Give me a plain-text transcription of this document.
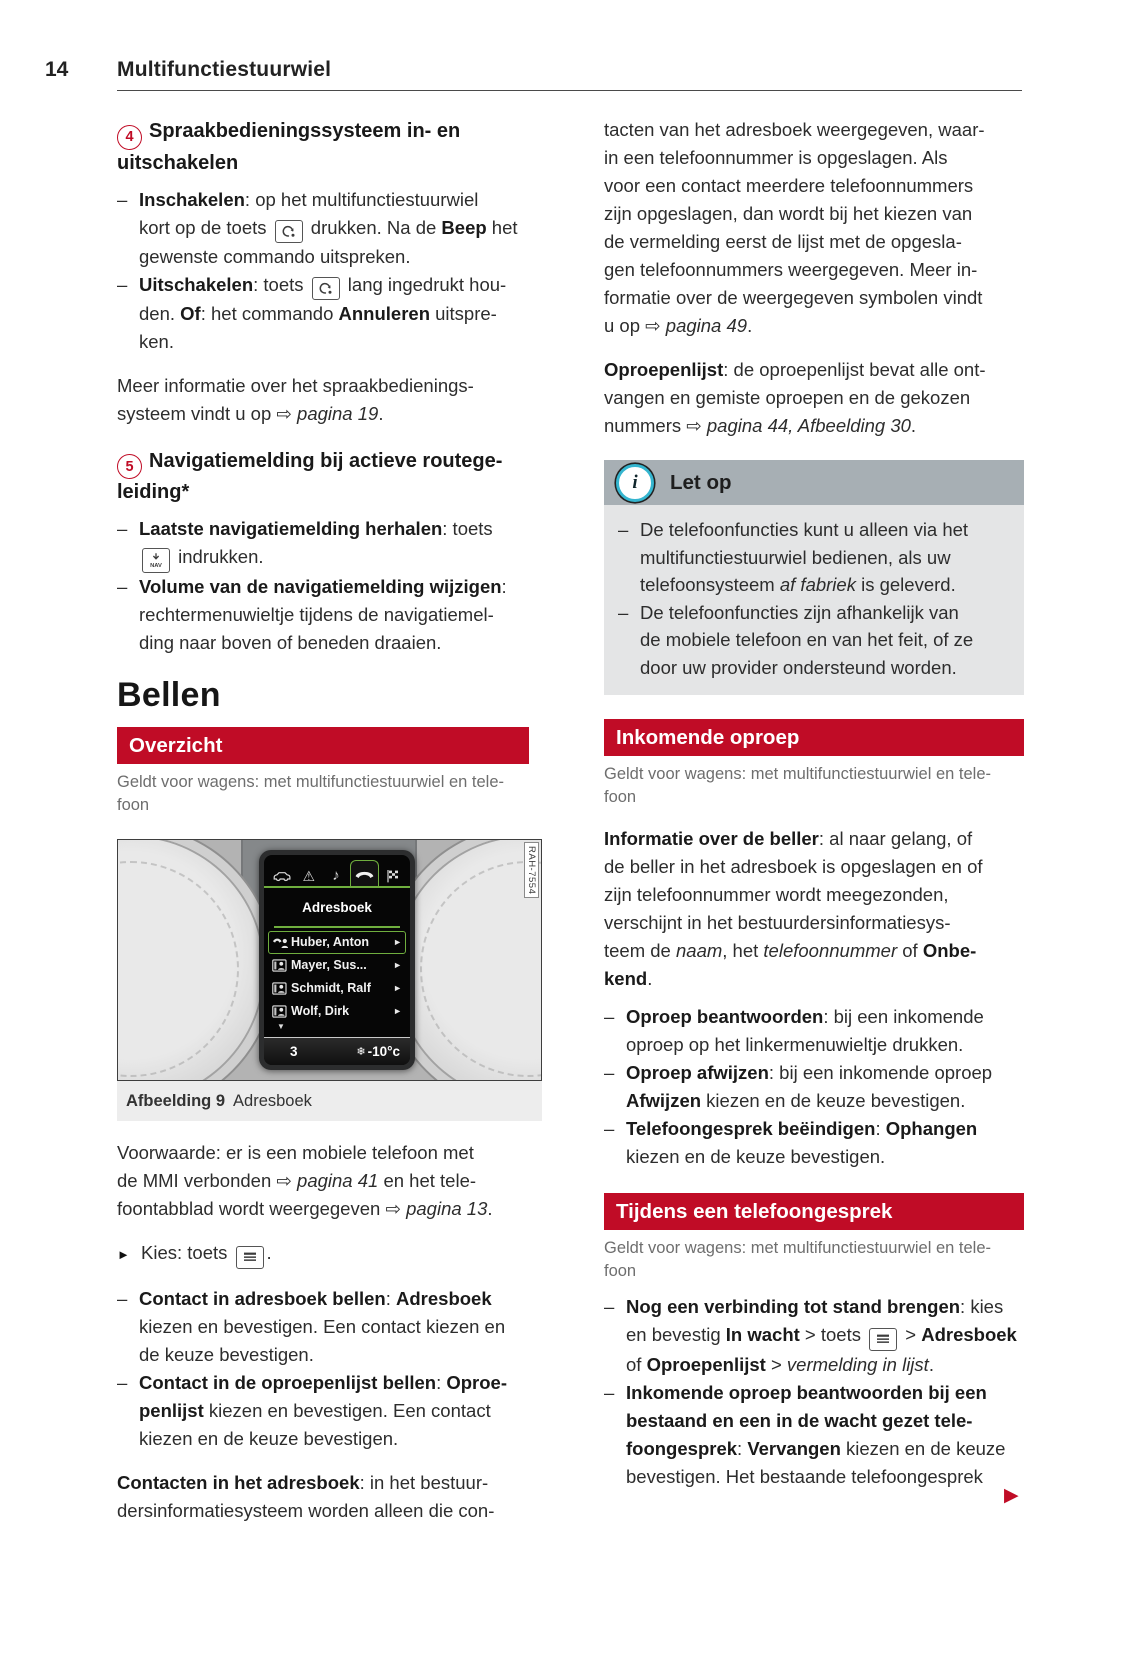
14 Multifunctiestuurwiel
4 Spraakbedieningssysteem in- en
uitschakelen
– Inschakelen: op het multifunctiestuurwiel
kort op de toets
drukken. Na de Beep het
gewenste commando uitspreken.
– Uitschakelen: toets
lang ingedrukt hou-
den. Of: het commando Annuleren uitspre-
ken.
Meer informatie over het spraakbedienings-
systeem vindt u op ⇨ pagina 19.
5 Navigatiemelding bij actieve routege-
leiding*
– Laatste navigatiemelding herhalen: toets

NAV indrukken.
– Volume van de navigatiemelding wijzigen:
rechtermenuwieltje tijdens de navigatiemel-
ding naar boven of beneden draaien.
Bellen
Overzicht
Geldt voor wagens: met multifunctiestuurwiel en tele-
foon
⚠ ♪
Adresboek
Huber, Anton	►
Mayer, Sus...	►
Schmidt, Ralf	►
Wolf, Dirk	►
▼
3	❄ -10°c
RAH-7554
Afbeelding 9 Adresboek
Voorwaarde: er is een mobiele telefoon met
de MMI verbonden ⇨ pagina 41 en het tele-
foontabblad wordt weergegeven ⇨ pagina 13.
► Kies: toets
.
– Contact in adresboek bellen: Adresboek
kiezen en bevestigen. Een contact kiezen en
de keuze bevestigen.
– Contact in de oproepenlijst bellen: Oproe-
penlijst kiezen en bevestigen. Een contact
kiezen en de keuze bevestigen.
Contacten in het adresboek: in het bestuur-
dersinformatiesysteem worden alleen die con-
tacten van het adresboek weergegeven, waar-
in een telefoonnummer is opgeslagen. Als
voor een contact meerdere telefoonnummers
zijn opgeslagen, dan wordt bij het kiezen van
de vermelding eerst de lijst met de opgesla-
gen telefoonnummers weergegeven. Meer in-
formatie over de weergegeven symbolen vindt
u op ⇨ pagina 49.
Oproepenlijst: de oproepenlijst bevat alle ont-
vangen en gemiste oproepen en de gekozen
nummers ⇨ pagina 44, Afbeelding 30.
i	Let op
– De telefoonfuncties kunt u alleen via het
multifunctiestuurwiel bedienen, als uw
telefoonsysteem af fabriek is geleverd.
– De telefoonfuncties zijn afhankelijk van
de mobiele telefoon en van het feit, of ze
door uw provider ondersteund worden.
Inkomende oproep
Geldt voor wagens: met multifunctiestuurwiel en tele-
foon
Informatie over de beller: al naar gelang, of
de beller in het adresboek is opgeslagen en of
zijn telefoonnummer wordt meegezonden,
verschijnt in het bestuurdersinformatiesys-
teem de naam, het telefoonnummer of Onbe-
kend.
– Oproep beantwoorden: bij een inkomende
oproep op het linkermenuwieltje drukken.
– Oproep afwijzen: bij een inkomende oproep
Afwijzen kiezen en de keuze bevestigen.
– Telefoongesprek beëindigen: Ophangen
kiezen en de keuze bevestigen.
Tijdens een telefoongesprek
Geldt voor wagens: met multifunctiestuurwiel en tele-
foon
– Nog een verbinding tot stand brengen: kies
en bevestig In wacht > toets
> Adresboek
of Oproepenlijst > vermelding in lijst.
– Inkomende oproep beantwoorden bij een
bestaand en een in de wacht gezet tele-
foongesprek: Vervangen kiezen en de keuze
bevestigen. Het bestaande telefoongesprek
▶
